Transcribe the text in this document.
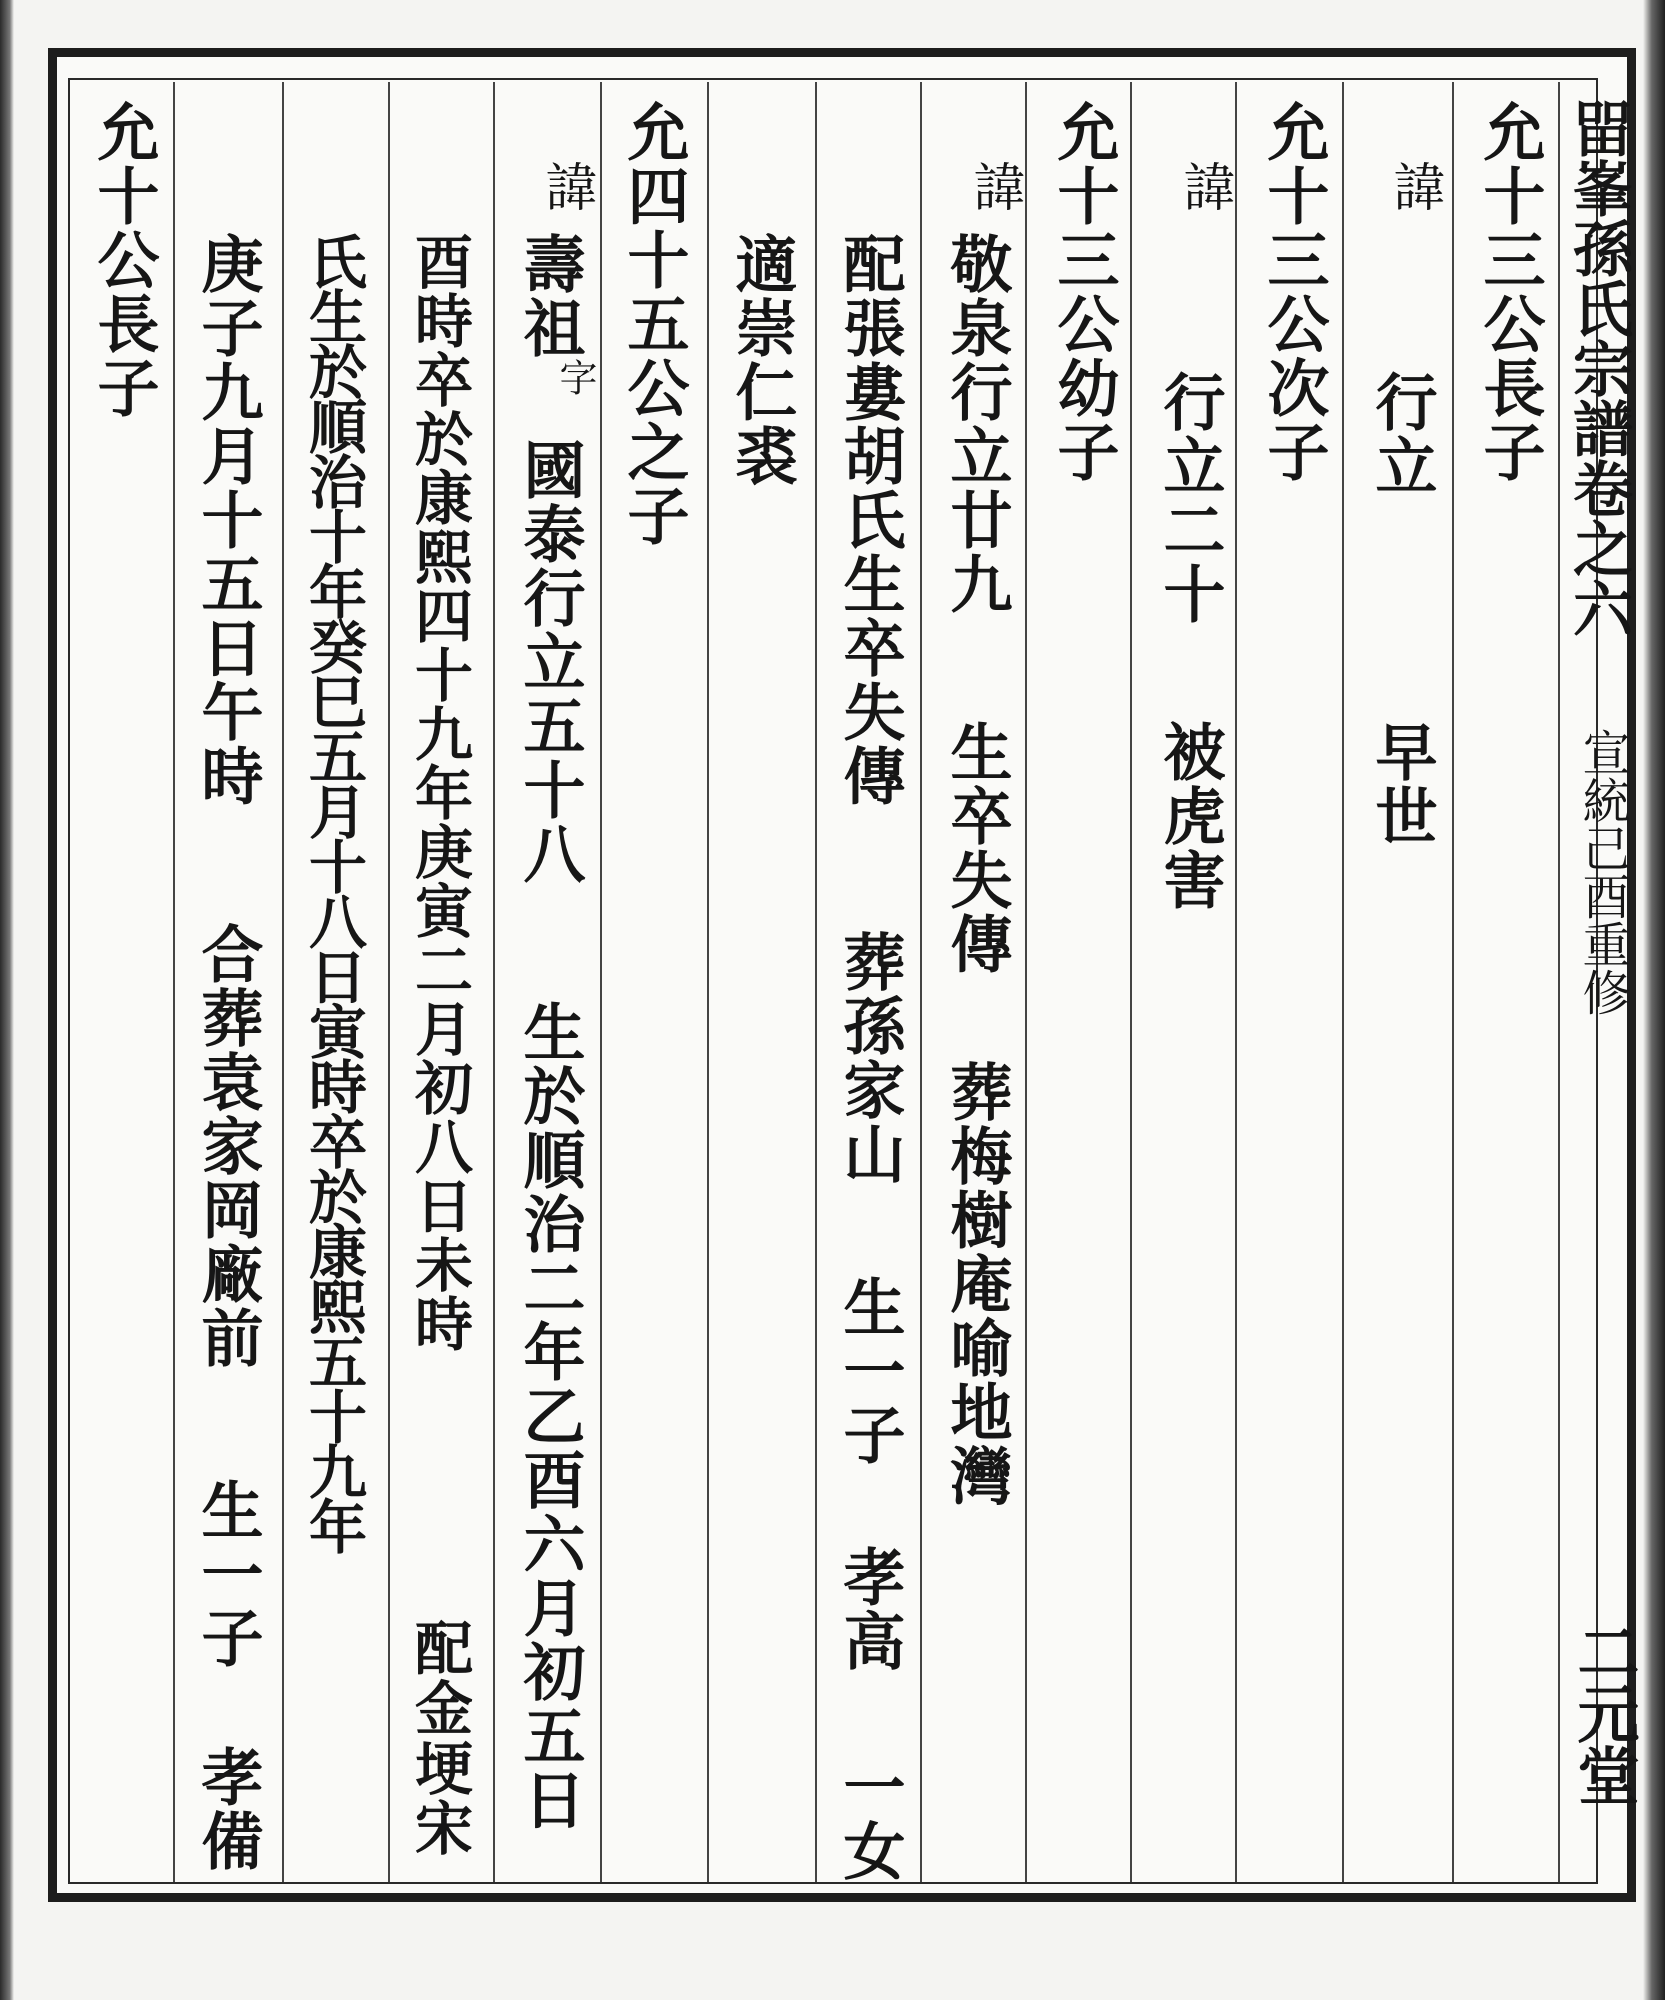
㽞峯孫氏宗譜卷之六
宣統己酉重修
二元堂
允十三公長子
諱
行立
早世
允十三公次子
諱
行立二十
被虎害
允十三公幼子
諱
敬泉行立廿九
生卒失傳
葬梅樹庵喻地灣
配張婁胡氏生卒失傳
葬孫家山
生一子
孝高
一女
適崇仁裘
允四十五公之子
諱
壽祖
字
國泰行立五十八
生於順治二年乙酉六月初五日
酉時卒於康熙四十九年庚寅二月初八日未時
配金埂宋
氏生於順治十年癸巳五月十八日寅時卒於康熙五十九年
庚子九月十五日午時
合葬袁家岡廠前
生一子
孝備
允十公長子
